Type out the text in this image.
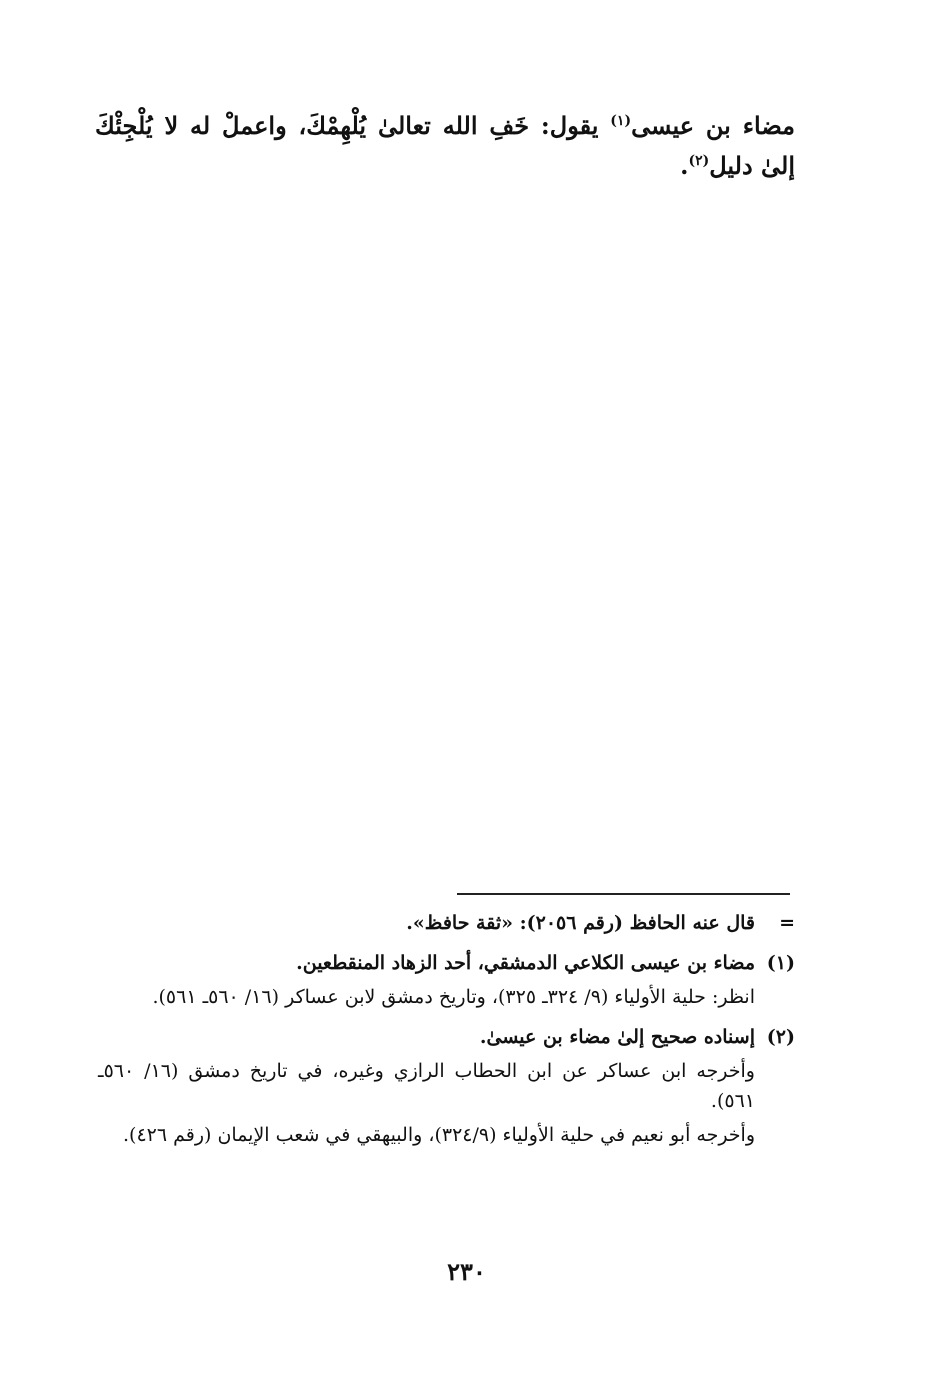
مضاء بن عيسى$^{(١)}$ يقول: خَفِ الله تعالىٰ يُلْهِمْكَ، واعملْ له لا يُلْجِئْكَ إلىٰ دليل$^{(٢)}$.

=

قال عنه الحافظ (رقم ٢٠٥٦): «ثقة حافظ».

(١)

مضاء بن عيسى الكلاعي الدمشقي، أحد الزهاد المنقطعين.

انظر: حلية الأولياء (٩/ ٣٢٤ـ ٣٢٥)، وتاريخ دمشق لابن عساكر (١٦/ ٥٦٠ـ ٥٦١).

(٢)

إسناده صحيح إلىٰ مضاء بن عيسىٰ.

وأخرجه ابن عساكر عن ابن الحطاب الرازي وغيره، في تاريخ دمشق (١٦/ ٥٦٠ـ ٥٦١).

وأخرجه أبو نعيم في حلية الأولياء (٣٢٤/٩)، والبيهقي في شعب الإيمان (رقم ٤٢٦).

٢٣٠
